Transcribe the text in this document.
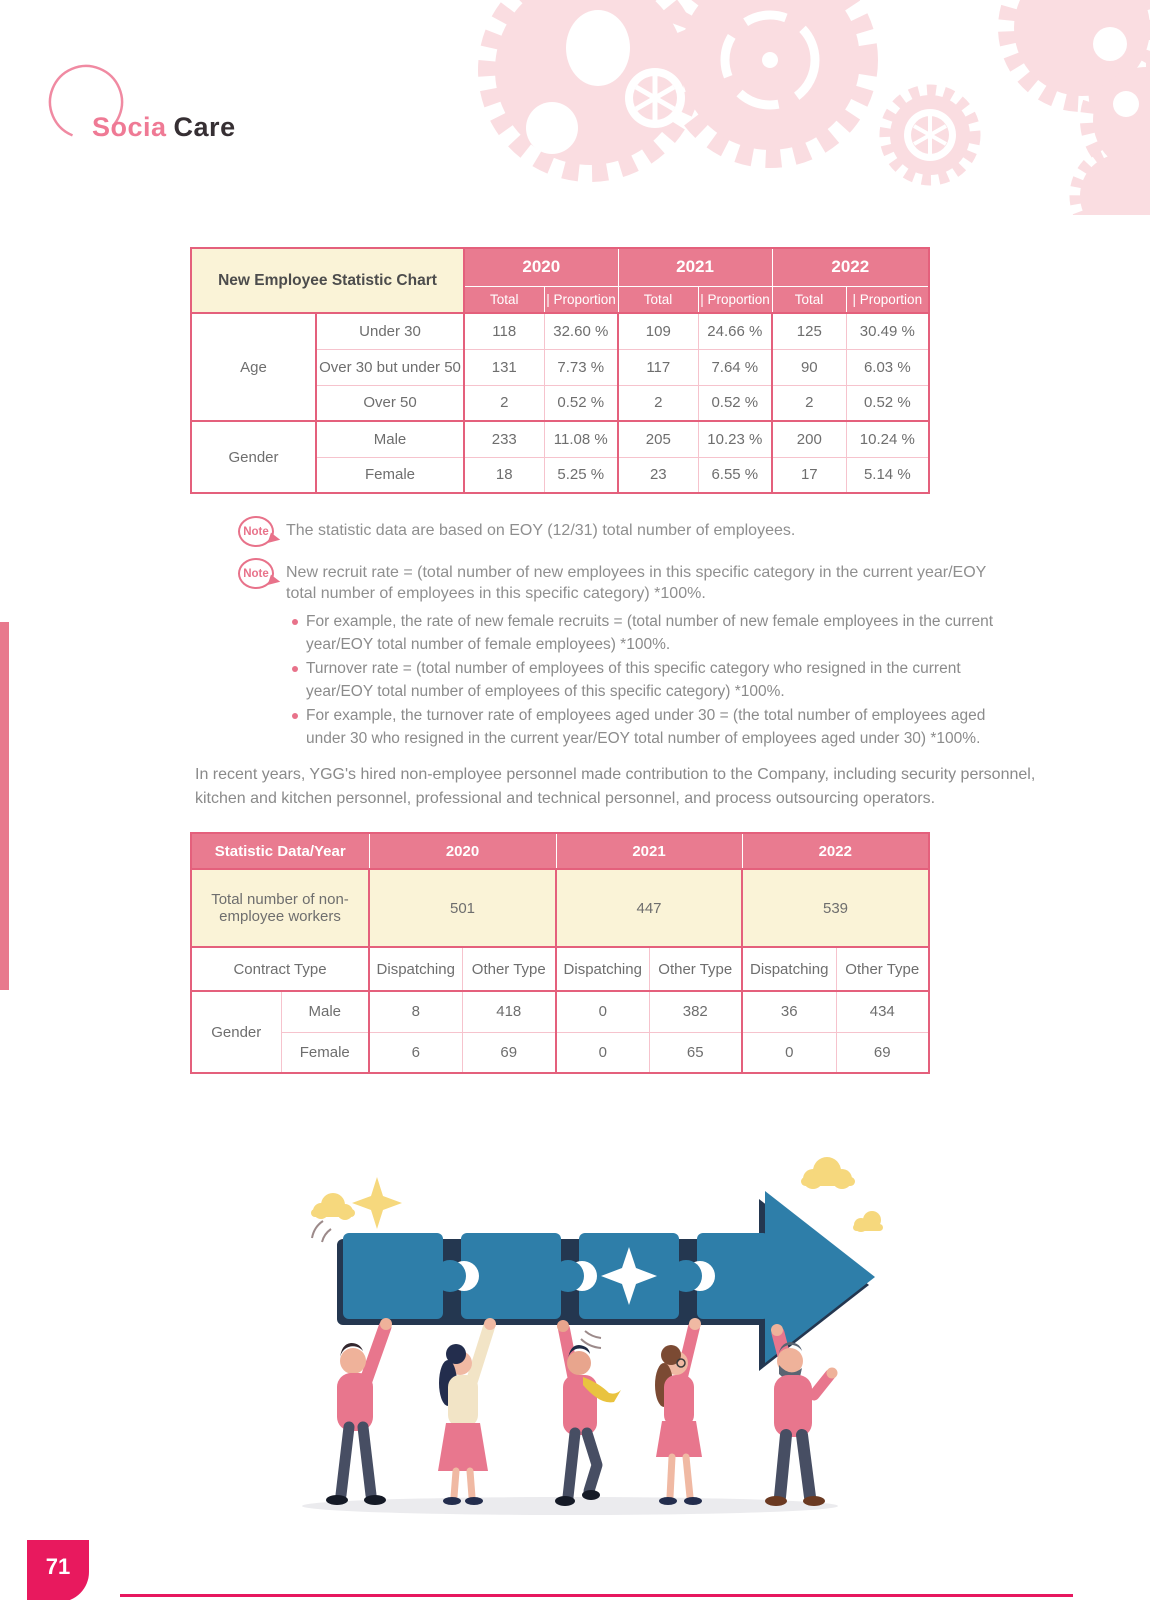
Socia Care
New Employee Statistic Chart		2020		2021		2022	
		Total	| Proportion	Total	| Proportion	Total	| Proportion
Age	Under 30	118	32.60 %	109	24.66 %	125	30.49 %
	Over 30 but under 50	131	7.73 %	117	7.64 %	90	6.03 %
	Over 50	2	0.52 %	2	0.52 %	2	0.52 %
Gender	Male	233	11.08 %	205	10.23 %	200	10.24 %
	Female	18	5.25 %	23	6.55 %	17	5.14 %
Note	The statistic data are based on EOY (12/31) total number of employees.
Note	New recruit rate = (total number of new employees in this specific category in the current year/EOY total number of employees in this specific category) *100%.
For example, the rate of new female recruits = (total number of new female employees in the current year/EOY total number of female employees) *100%.
Turnover rate = (total number of employees of this specific category who resigned in the current year/EOY total number of employees of this specific category) *100%.
For example, the turnover rate of employees aged under 30 = (the total number of employees aged under 30 who resigned in the current year/EOY total number of employees aged under 30) *100%.

In recent years, YGG's hired non-employee personnel made contribution to the Company, including security personnel, kitchen and kitchen personnel, professional and technical personnel, and process outsourcing operators.

Statistic Data/Year		2020		2021		2022	
Total number of non-employee workers		501		447		539	
Contract Type		Dispatching	Other Type	Dispatching	Other Type	Dispatching	Other Type
Gender	Male	8	418	0	382	36	434
	Female	6	69	0	65	0	69
71
